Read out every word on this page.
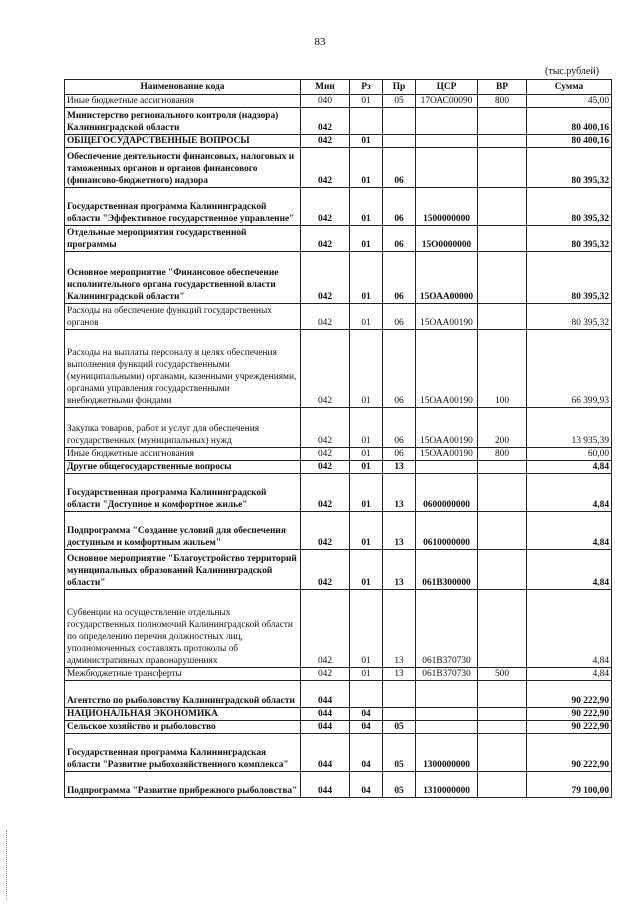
83
(тыс.рублей)
Наименование кода	Мин	Рз	Пр	ЦСР	ВР	Сумма
Иные бюджетные ассигнования	040	01	05	17ОАС00090	800	45,00
Министерство регионального контроля (надзора) Калининградской области	042					80 400,16
ОБЩЕГОСУДАРСТВЕННЫЕ ВОПРОСЫ	042	01				80 400,16
Обеспечение деятельности финансовых, налоговых и таможенных органов и органов финансового (финансово-бюджетного) надзора	042	01	06			80 395,32
Государственная программа Калининградской области "Эффективное государственное управление"	042	01	06	1500000000		80 395,32
Отдельные мероприятия государственной программы	042	01	06	15О0000000		80 395,32
Основное мероприятие "Финансовое обеспечение исполнительного органа государственной власти Калининградской области"	042	01	06	15ОАА00000		80 395,32
Расходы на обеспечение функций государственных органов	042	01	06	15ОАА00190		80 395,32
Расходы на выплаты персоналу в целях обеспечения выполнения функций государственными (муниципальными) органами, казенными учреждениями, органами управления государственными внебюджетными фондами	042	01	06	15ОАА00190	100	66 399,93
Закупка товаров, работ и услуг для обеспечения государственных (муниципальных) нужд	042	01	06	15ОАА00190	200	13 935,39
Иные бюджетные ассигнования	042	01	06	15ОАА00190	800	60,00
Другие общегосударственные вопросы	042	01	13			4,84
Государственная программа Калининградской области "Доступное и комфортное жилье"	042	01	13	0600000000		4,84
Подпрограмма "Создание условий для обеспечения доступным и комфортным жильем"	042	01	13	0610000000		4,84
Основное мероприятие "Благоустройство территорий муниципальных образований Калининградской области"	042	01	13	061В300000		4,84
Субвенции на осуществление отдельных государственных полномочий Калининградской области по определению перечня должностных лиц, уполномоченных составлять протоколы об административных правонарушениях	042	01	13	061В370730		4,84
Межбюджетные трансферты	042	01	13	061В370730	500	4,84
Агентство по рыболовству Калининградской области	044					90 222,90
НАЦИОНАЛЬНАЯ ЭКОНОМИКА	044	04				90 222,90
Сельское хозяйство и рыболовство	044	04	05			90 222,90
Государственная программа Калининградская области "Развитие рыбохозяйственного комплекса"	044	04	05	1300000000		90 222,90
Подпрограмма "Развитие прибрежного рыболовства"	044	04	05	1310000000		79 100,00
